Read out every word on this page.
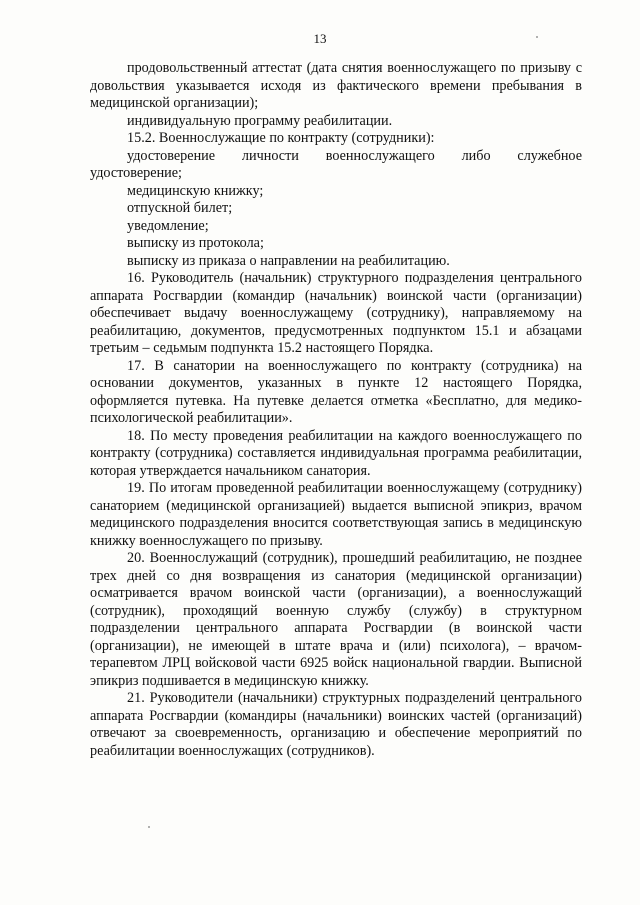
13

продовольственный аттестат (дата снятия военнослужащего по призыву с довольствия указывается исходя из фактического времени пребывания в медицинской организации);

индивидуальную программу реабилитации.

15.2. Военнослужащие по контракту (сотрудники):

удостоверение личности военнослужащего либо служебное удостоверение;

медицинскую книжку;

отпускной билет;

уведомление;

выписку из протокола;

выписку из приказа о направлении на реабилитацию.

16. Руководитель (начальник) структурного подразделения центрального аппарата Росгвардии (командир (начальник) воинской части (организации) обеспечивает выдачу военнослужащему (сотруднику), направляемому на реабилитацию, документов, предусмотренных подпунктом 15.1 и абзацами третьим – седьмым подпункта 15.2 настоящего Порядка.

17. В санатории на военнослужащего по контракту (сотрудника) на основании документов, указанных в пункте 12 настоящего Порядка, оформляется путевка. На путевке делается отметка «Бесплатно, для медико-психологической реабилитации».

18. По месту проведения реабилитации на каждого военнослужащего по контракту (сотрудника) составляется индивидуальная программа реабилитации, которая утверждается начальником санатория.

19. По итогам проведенной реабилитации военнослужащему (сотруднику) санаторием (медицинской организацией) выдается выписной эпикриз, врачом медицинского подразделения вносится соответствующая запись в медицинскую книжку военнослужащего по призыву.

20. Военнослужащий (сотрудник), прошедший реабилитацию, не позднее трех дней со дня возвращения из санатория (медицинской организации) осматривается врачом воинской части (организации), а военнослужащий (сотрудник), проходящий военную службу (службу) в структурном подразделении центрального аппарата Росгвардии (в воинской части (организации), не имеющей в штате врача и (или) психолога), – врачом-терапевтом ЛРЦ войсковой части 6925 войск национальной гвардии. Выписной эпикриз подшивается в медицинскую книжку.

21. Руководители (начальники) структурных подразделений центрального аппарата Росгвардии (командиры (начальники) воинских частей (организаций) отвечают за своевременность, организацию и обеспечение мероприятий по реабилитации военнослужащих (сотрудников).
